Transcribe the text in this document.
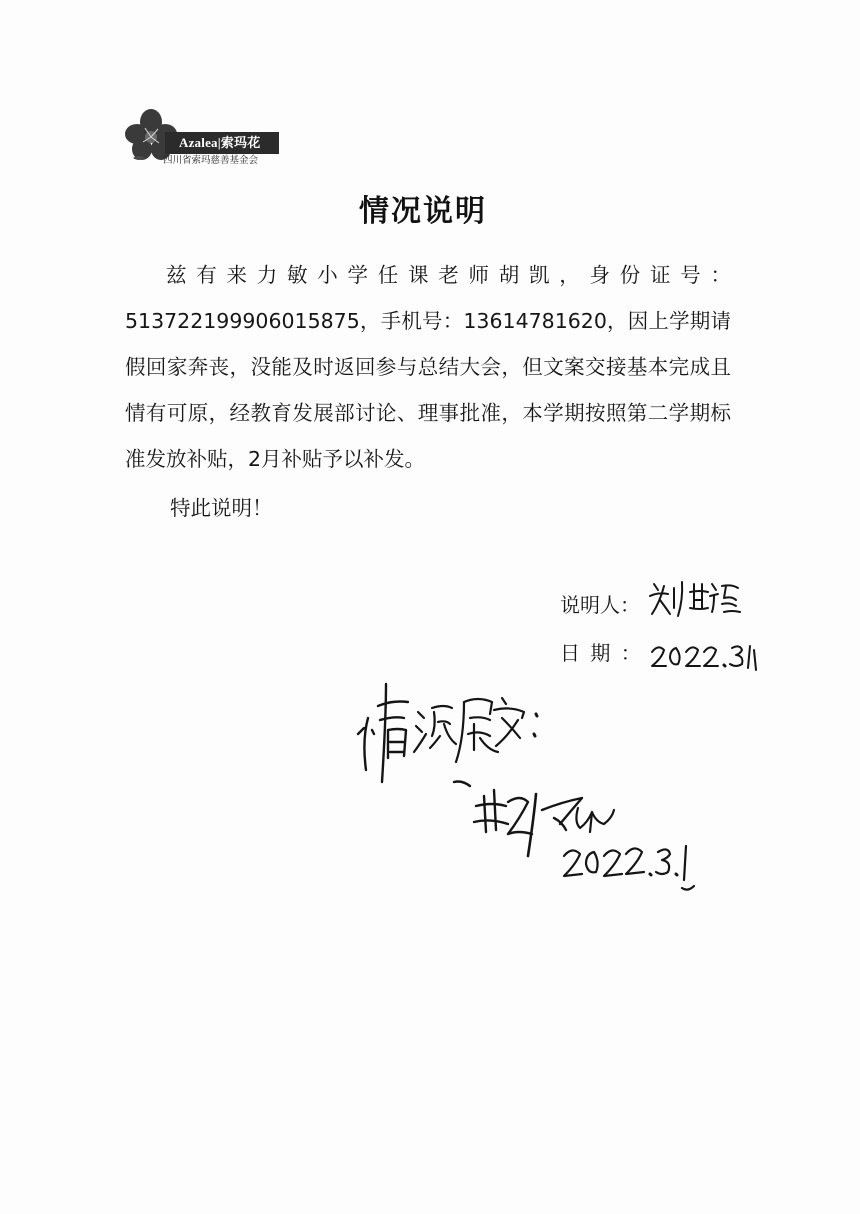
Azalea|索玛花
四川省索玛慈善基金会
情况说明

兹有来力敏小学任课老师胡凯，身份证号：513722199906015875，手机号：13614781620，因上学期请假回家奔丧，没能及时返回参与总结大会，但文案交接基本完成且情有可原，经教育发展部讨论、理事批准，本学期按照第二学期标准发放补贴，2月补贴予以补发。

特此说明！
说明人：
日 期 ：
